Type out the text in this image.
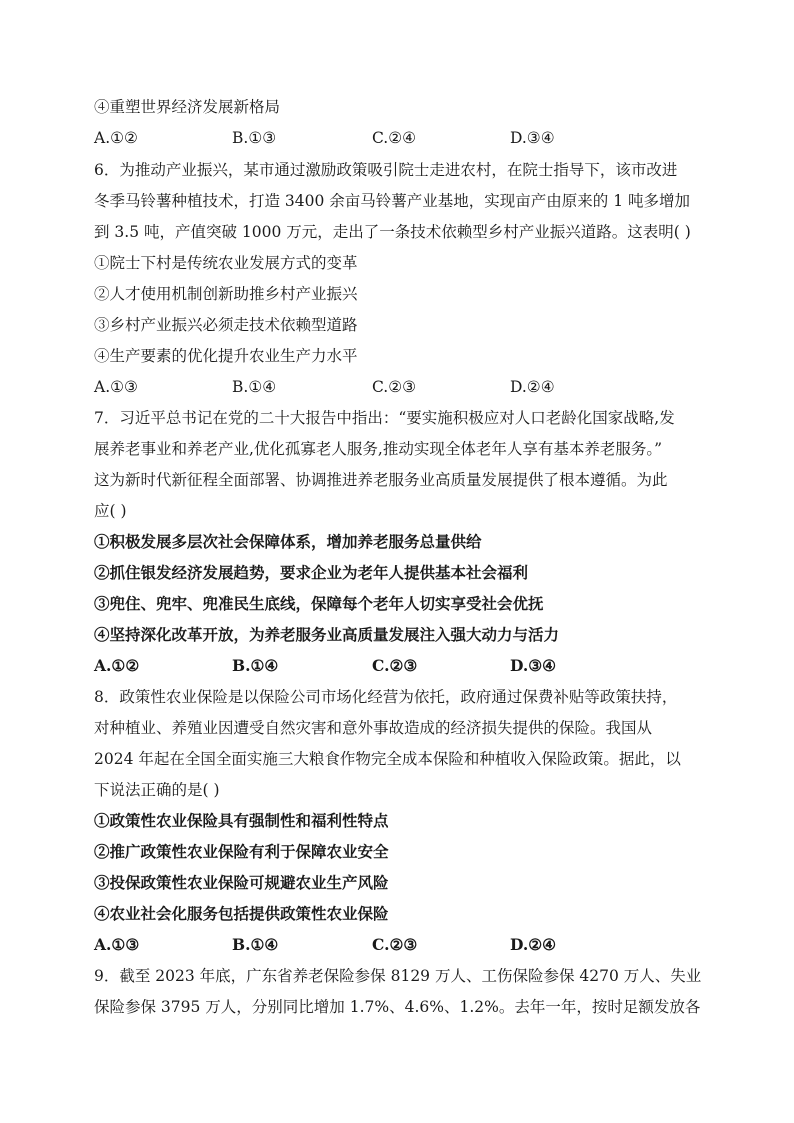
④重塑世界经济发展新格局
A.①②	B.①③	C.②④	D.③④
6．为推动产业振兴，某市通过激励政策吸引院士走进农村，在院士指导下，该市改进
冬季马铃薯种植技术，打造 3400 余亩马铃薯产业基地，实现亩产由原来的 1 吨多增加
到 3.5 吨，产值突破 1000 万元，走出了一条技术依赖型乡村产业振兴道路。这表明( )
①院士下村是传统农业发展方式的变革
②人才使用机制创新助推乡村产业振兴
③乡村产业振兴必须走技术依赖型道路
④生产要素的优化提升农业生产力水平
A.①③	B.①④	C.②③	D.②④
7．习近平总书记在党的二十大报告中指出：“要实施积极应对人口老龄化国家战略,发
展养老事业和养老产业,优化孤寡老人服务,推动实现全体老年人享有基本养老服务。”
这为新时代新征程全面部署、协调推进养老服务业高质量发展提供了根本遵循。为此
应( )
①积极发展多层次社会保障体系，增加养老服务总量供给
②抓住银发经济发展趋势，要求企业为老年人提供基本社会福利
③兜住、兜牢、兜准民生底线，保障每个老年人切实享受社会优抚
④坚持深化改革开放，为养老服务业高质量发展注入强大动力与活力
A.①②	B.①④	C.②③	D.③④
8．政策性农业保险是以保险公司市场化经营为依托，政府通过保费补贴等政策扶持，
对种植业、养殖业因遭受自然灾害和意外事故造成的经济损失提供的保险。我国从
2024 年起在全国全面实施三大粮食作物完全成本保险和种植收入保险政策。据此，以
下说法正确的是( )
①政策性农业保险具有强制性和福利性特点
②推广政策性农业保险有利于保障农业安全
③投保政策性农业保险可规避农业生产风险
④农业社会化服务包括提供政策性农业保险
A.①③	B.①④	C.②③	D.②④
9．截至 2023 年底，广东省养老保险参保 8129 万人、工伤保险参保 4270 万人、失业
保险参保 3795 万人，分别同比增加 1.7%、4.6%、1.2%。去年一年，按时足额发放各
